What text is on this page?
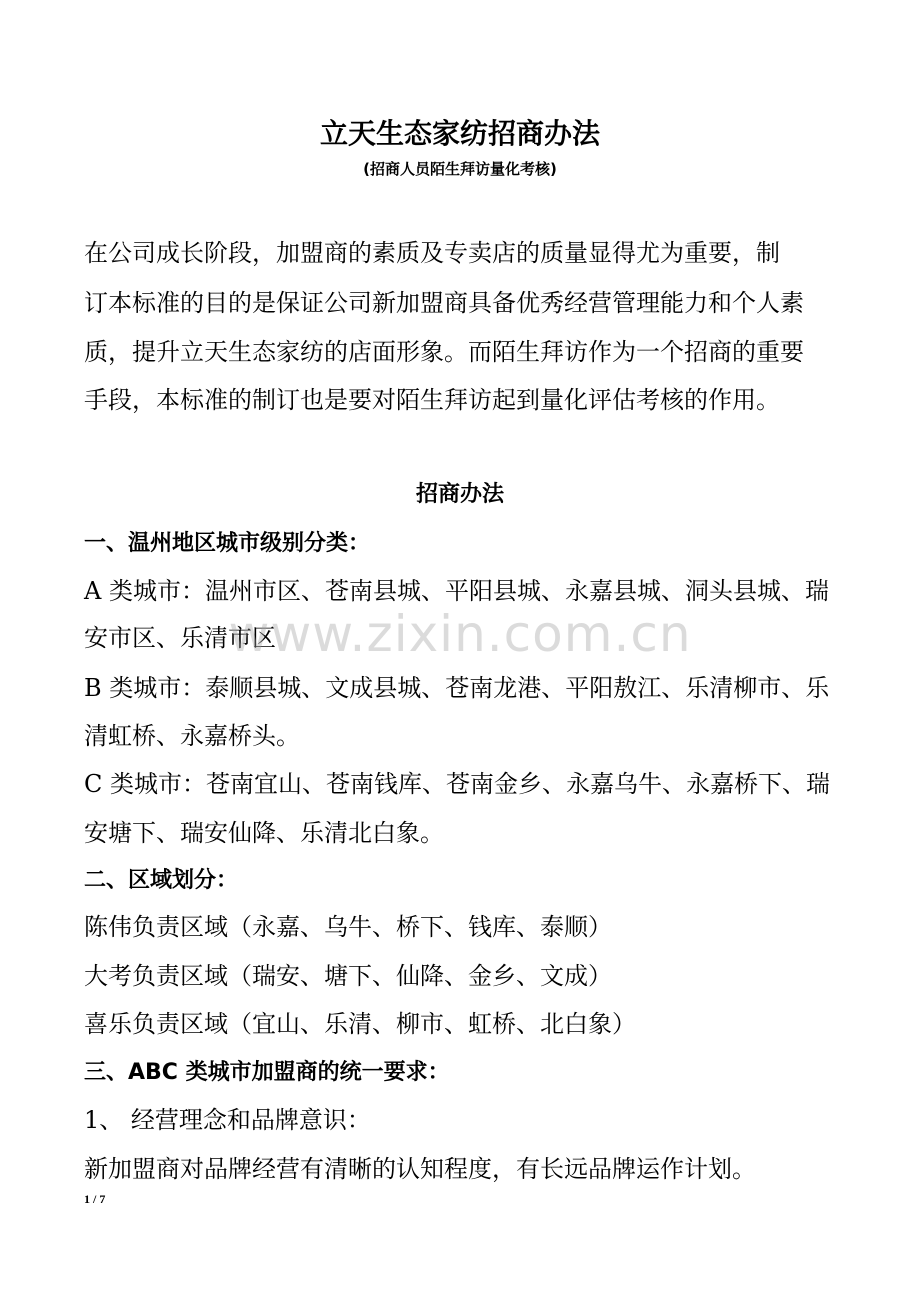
立天生态家纺招商办法
(招商人员陌生拜访量化考核)
在公司成长阶段，加盟商的素质及专卖店的质量显得尤为重要，制
订本标准的目的是保证公司新加盟商具备优秀经营管理能力和个人素
质，提升立天生态家纺的店面形象。而陌生拜访作为一个招商的重要
手段，本标准的制订也是要对陌生拜访起到量化评估考核的作用。
招商办法
一、温州地区城市级别分类：
A 类城市：温州市区、苍南县城、平阳县城、永嘉县城、洞头县城、瑞
安市区、乐清市区
B 类城市：泰顺县城、文成县城、苍南龙港、平阳敖江、乐清柳市、乐
清虹桥、永嘉桥头。
C 类城市：苍南宜山、苍南钱库、苍南金乡、永嘉乌牛、永嘉桥下、瑞
安塘下、瑞安仙降、乐清北白象。
二、区域划分：
陈伟负责区域（永嘉、乌牛、桥下、钱库、泰顺）
大考负责区域（瑞安、塘下、仙降、金乡、文成）
喜乐负责区域（宜山、乐清、柳市、虹桥、北白象）
三、ABC 类城市加盟商的统一要求：
1、 经营理念和品牌意识：
新加盟商对品牌经营有清晰的认知程度，有长远品牌运作计划。
www.zixin.com.cn
1 / 7
